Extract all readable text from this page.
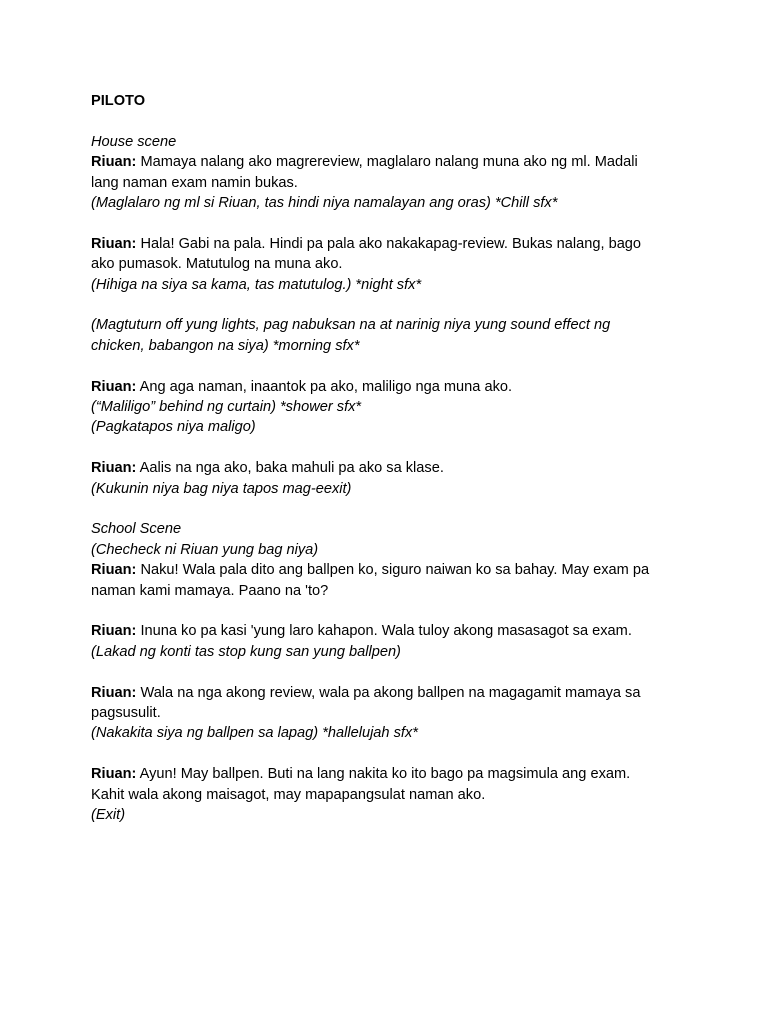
PILOTO
House scene
Riuan: Mamaya nalang ako magrereview, maglalaro nalang muna ako ng ml. Madali
lang naman exam namin bukas.
(Maglalaro ng ml si Riuan, tas hindi niya namalayan ang oras) *Chill sfx*
Riuan: Hala! Gabi na pala. Hindi pa pala ako nakakapag-review. Bukas nalang, bago
ako pumasok. Matutulog na muna ako.
(Hihiga na siya sa kama, tas matutulog.) *night sfx*
(Magtuturn off yung lights, pag nabuksan na at narinig niya yung sound effect ng
chicken, babangon na siya) *morning sfx*
Riuan: Ang aga naman, inaantok pa ako, maliligo nga muna ako.
(“Maliligo” behind ng curtain) *shower sfx*
(Pagkatapos niya maligo)
Riuan: Aalis na nga ako, baka mahuli pa ako sa klase.
(Kukunin niya bag niya tapos mag-eexit)
School Scene
(Checheck ni Riuan yung bag niya)
Riuan: Naku! Wala pala dito ang ballpen ko, siguro naiwan ko sa bahay. May exam pa
naman kami mamaya. Paano na 'to?
Riuan: Inuna ko pa kasi 'yung laro kahapon. Wala tuloy akong masasagot sa exam.
(Lakad ng konti tas stop kung san yung ballpen)
Riuan: Wala na nga akong review, wala pa akong ballpen na magagamit mamaya sa
pagsusulit.
(Nakakita siya ng ballpen sa lapag) *hallelujah sfx*
Riuan: Ayun! May ballpen. Buti na lang nakita ko ito bago pa magsimula ang exam.
Kahit wala akong maisagot, may mapapangsulat naman ako.
(Exit)
